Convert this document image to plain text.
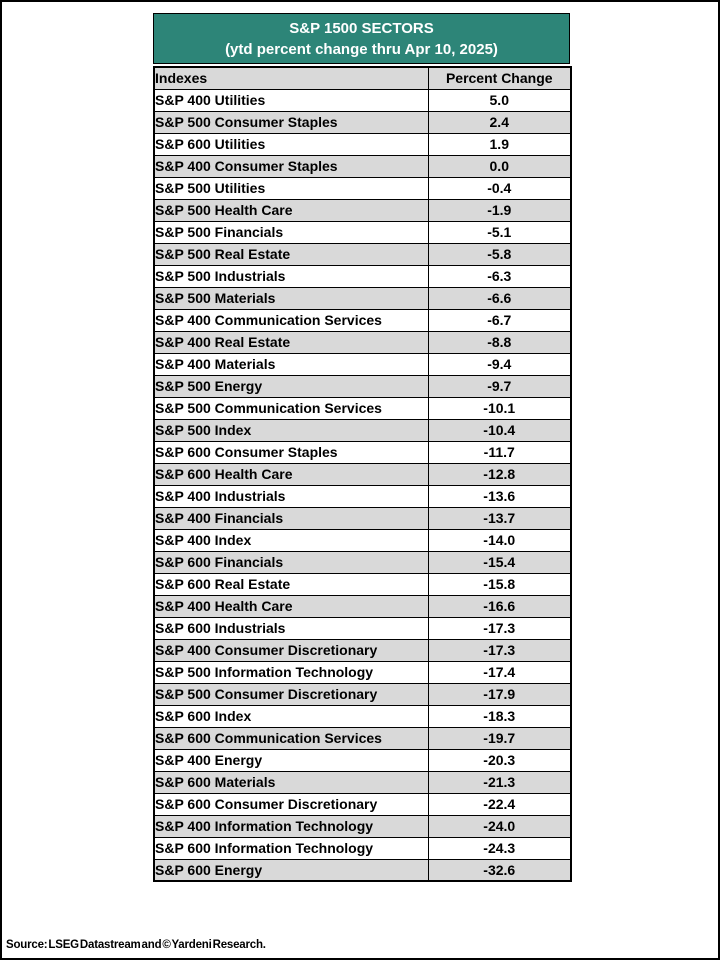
S&P 1500 SECTORS
(ytd percent change thru Apr 10, 2025)
Indexes	Percent Change
S&P 400 Utilities	5.0
S&P 500 Consumer Staples	2.4
S&P 600 Utilities	1.9
S&P 400 Consumer Staples	0.0
S&P 500 Utilities	-0.4
S&P 500 Health Care	-1.9
S&P 500 Financials	-5.1
S&P 500 Real Estate	-5.8
S&P 500 Industrials	-6.3
S&P 500 Materials	-6.6
S&P 400 Communication Services	-6.7
S&P 400 Real Estate	-8.8
S&P 400 Materials	-9.4
S&P 500 Energy	-9.7
S&P 500 Communication Services	-10.1
S&P 500 Index	-10.4
S&P 600 Consumer Staples	-11.7
S&P 600 Health Care	-12.8
S&P 400 Industrials	-13.6
S&P 400 Financials	-13.7
S&P 400 Index	-14.0
S&P 600 Financials	-15.4
S&P 600 Real Estate	-15.8
S&P 400 Health Care	-16.6
S&P 600 Industrials	-17.3
S&P 400 Consumer Discretionary	-17.3
S&P 500 Information Technology	-17.4
S&P 500 Consumer Discretionary	-17.9
S&P 600 Index	-18.3
S&P 600 Communication Services	-19.7
S&P 400 Energy	-20.3
S&P 600 Materials	-21.3
S&P 600 Consumer Discretionary	-22.4
S&P 400 Information Technology	-24.0
S&P 600 Information Technology	-24.3
S&P 600 Energy	-32.6
Source: LSEG Datastream and © Yardeni Research.
